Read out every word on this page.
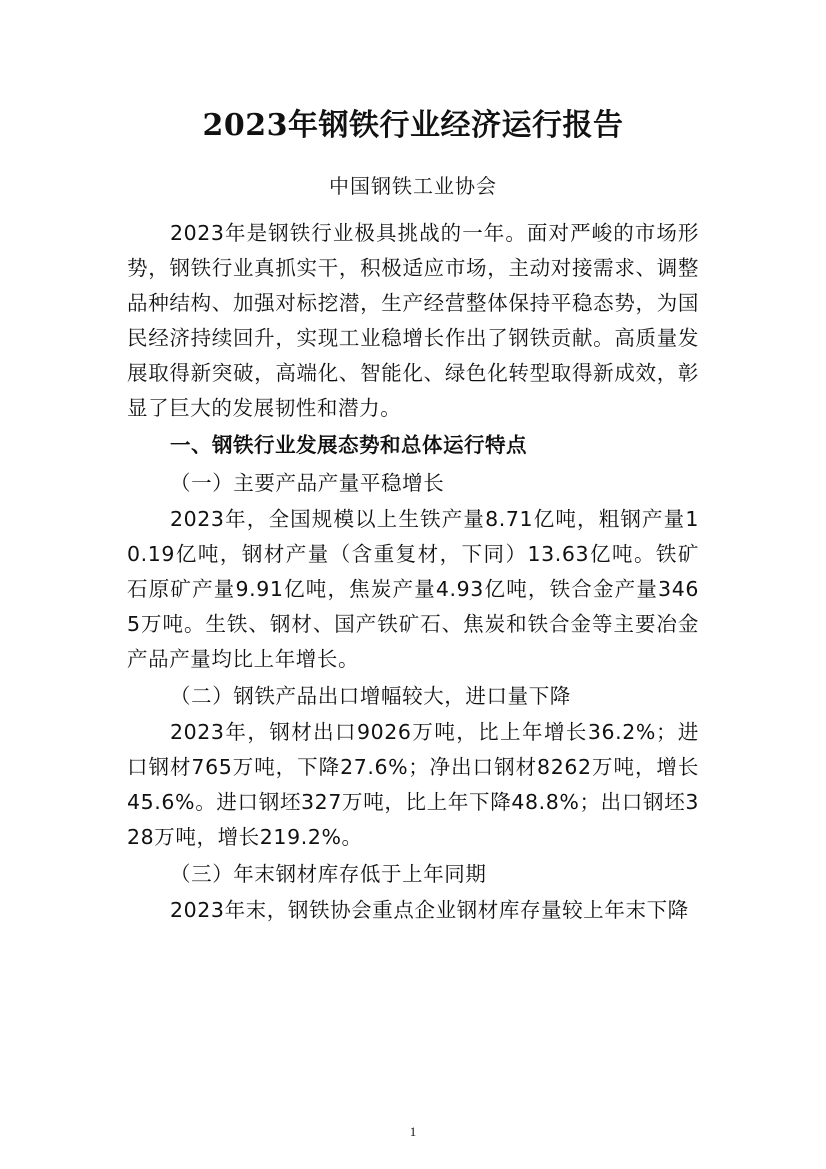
2023年钢铁行业经济运行报告
中国钢铁工业协会

2023年是钢铁行业极具挑战的一年。面对严峻的市场形势，钢铁行业真抓实干，积极适应市场，主动对接需求、调整品种结构、加强对标挖潜，生产经营整体保持平稳态势，为国民经济持续回升，实现工业稳增长作出了钢铁贡献。高质量发展取得新突破，高端化、智能化、绿色化转型取得新成效，彰显了巨大的发展韧性和潜力。

一、钢铁行业发展态势和总体运行特点

（一）主要产品产量平稳增长

2023年，全国规模以上生铁产量8.71亿吨，粗钢产量10.19亿吨，钢材产量（含重复材，下同）13.63亿吨。铁矿石原矿产量9.91亿吨，焦炭产量4.93亿吨，铁合金产量3465万吨。生铁、钢材、国产铁矿石、焦炭和铁合金等主要冶金产品产量均比上年增长。

（二）钢铁产品出口增幅较大，进口量下降

2023年，钢材出口9026万吨，比上年增长36.2%；进口钢材765万吨，下降27.6%；净出口钢材8262万吨，增长45.6%。进口钢坯327万吨，比上年下降48.8%；出口钢坯328万吨，增长219.2%。

（三）年末钢材库存低于上年同期

2023年末，钢铁协会重点企业钢材库存量较上年末下降

1
